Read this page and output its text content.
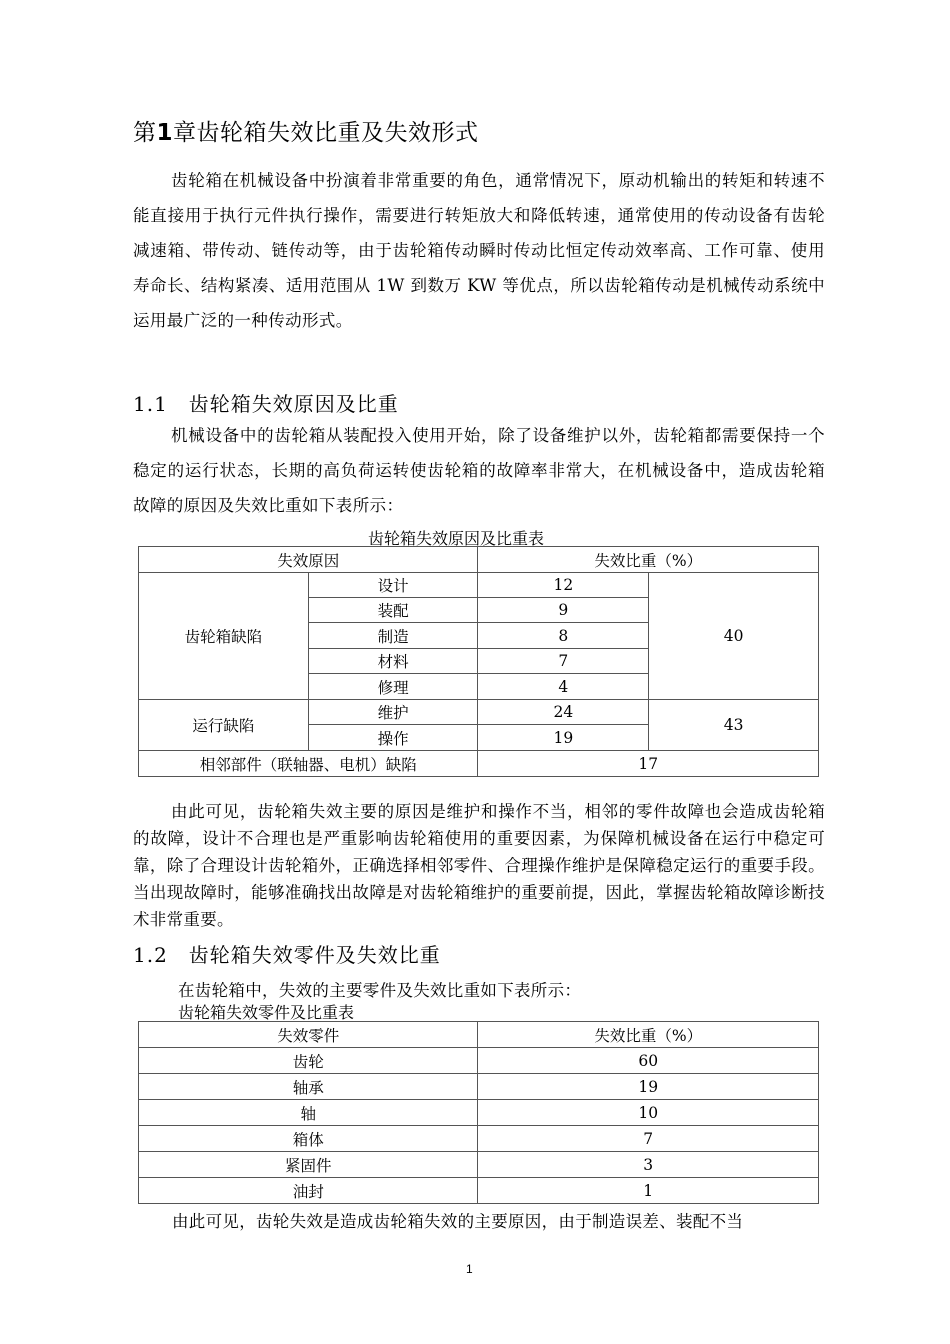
第1章齿轮箱失效比重及失效形式

齿轮箱在机械设备中扮演着非常重要的角色，通常情况下，原动机输出的转矩和转速不能直接用于执行元件执行操作，需要进行转矩放大和降低转速，通常使用的传动设备有齿轮减速箱、带传动、链传动等，由于齿轮箱传动瞬时传动比恒定传动效率高、工作可靠、使用寿命长、结构紧凑、适用范围从 1W 到数万 KW 等优点，所以齿轮箱传动是机械传动系统中运用最广泛的一种传动形式。

1.1　齿轮箱失效原因及比重

机械设备中的齿轮箱从装配投入使用开始，除了设备维护以外，齿轮箱都需要保持一个稳定的运行状态，长期的高负荷运转使齿轮箱的故障率非常大，在机械设备中，造成齿轮箱故障的原因及失效比重如下表所示：

齿轮箱失效原因及比重表
失效原因		失效比重（%）	
齿轮箱缺陷	设计	12	40
	装配	9	
	制造	8	
	材料	7	
	修理	4	
运行缺陷	维护	24	43
	操作	19	
相邻部件（联轴器、电机）缺陷		17	

由此可见，齿轮箱失效主要的原因是维护和操作不当，相邻的零件故障也会造成齿轮箱的故障，设计不合理也是严重影响齿轮箱使用的重要因素，为保障机械设备在运行中稳定可靠，除了合理设计齿轮箱外，正确选择相邻零件、合理操作维护是保障稳定运行的重要手段。当出现故障时，能够准确找出故障是对齿轮箱维护的重要前提，因此，掌握齿轮箱故障诊断技术非常重要。

1.2　齿轮箱失效零件及失效比重
在齿轮箱中，失效的主要零件及失效比重如下表所示：
齿轮箱失效零件及比重表
失效零件	失效比重（%）
齿轮	60
轴承	19
轴	10
箱体	7
紧固件	3
油封	1
由此可见，齿轮失效是造成齿轮箱失效的主要原因，由于制造误差、装配不当
1
